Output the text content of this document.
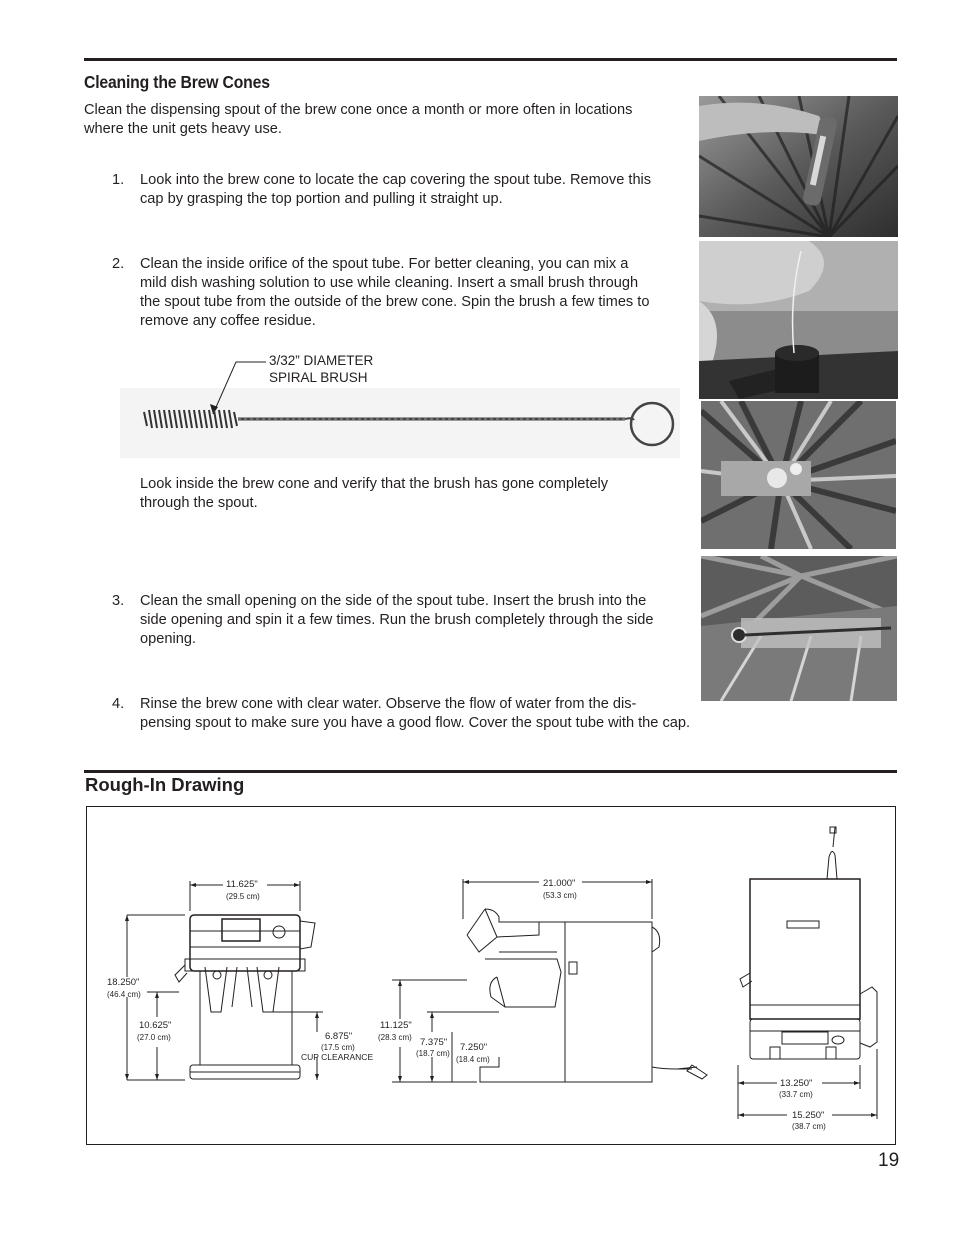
Cleaning the Brew Cones
Clean the dispensing spout of the brew cone once a month or more often in locations
where the unit gets heavy use.
1. Look into the brew cone to locate the cap covering the spout tube. Remove this
cap by grasping the top portion and pulling it straight up.
2. Clean the inside orifice of the spout tube. For better cleaning, you can mix a
mild dish washing solution to use while cleaning. Insert a small brush through
the spout tube from the outside of the brew cone. Spin the brush a few times to
remove any coffee residue.
3/32” DIAMETER
SPIRAL BRUSH
Look inside the brew cone and verify that the brush has gone completely
through the spout.
3. Clean the small opening on the side of the spout tube. Insert the brush into the
side opening and spin it a few times. Run the brush completely through the side
opening.
4. Rinse the brew cone with clear water. Observe the flow of water from the dis-
pensing spout to make sure you have a good flow. Cover the spout tube with the cap.
Rough-In Drawing
11.625"
(29.5 cm)
18.250"
(46.4 cm)
10.625"
(27.0 cm)	6.875"
(17.5 cm)
CUP CLEARANCE
21.000"
(53.3 cm)
11.125"
(28.3 cm) 7.375"
(18.7 cm)
7.250"
(18.4 cm)
13.250"
(33.7 cm)
15.250"
(38.7 cm)
19
